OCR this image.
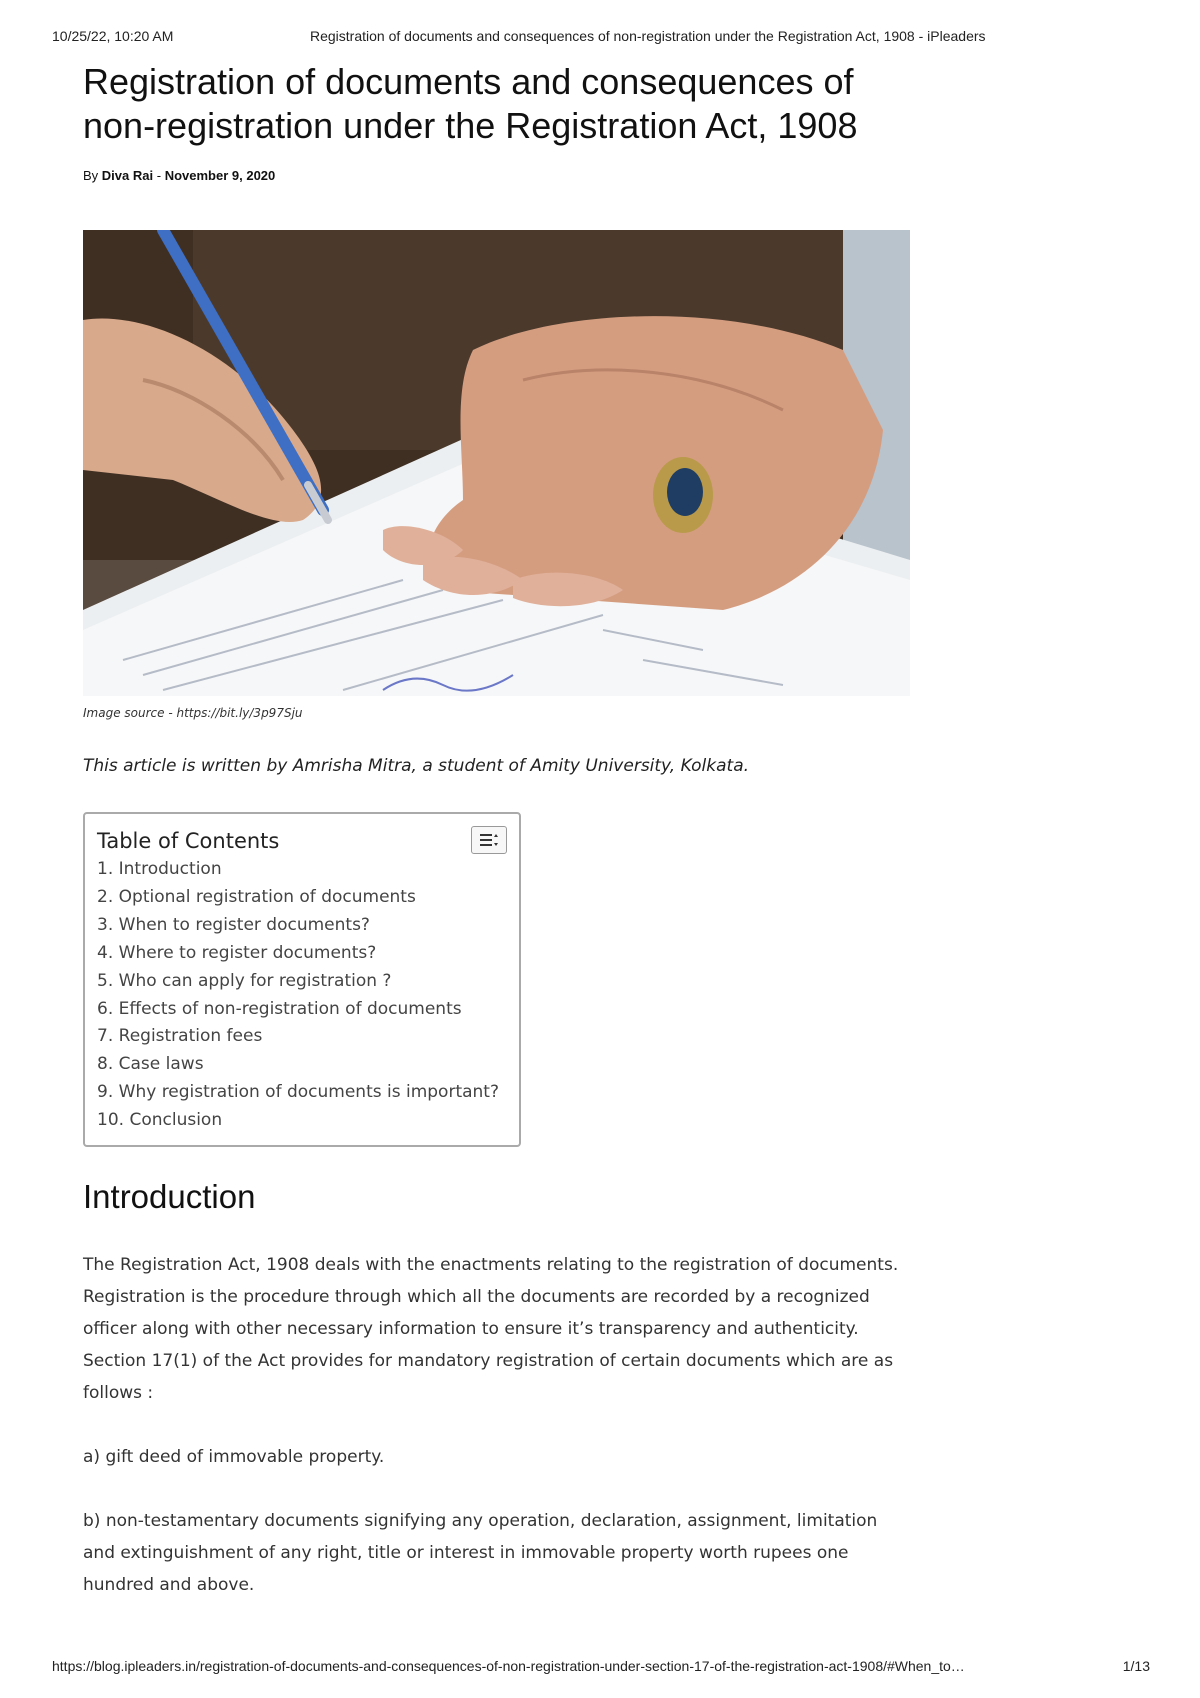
10/25/22, 10:20 AM	Registration of documents and consequences of non-registration under the Registration Act, 1908 - iPleaders
Registration of documents and consequences of non-registration under the Registration Act, 1908
By Diva Rai - November 9, 2020
Image source - https://bit.ly/3p97Sju
This article is written by Amrisha Mitra, a student of Amity University, Kolkata.
Table of Contents
1. Introduction
2. Optional registration of documents
3. When to register documents?
4. Where to register documents?
5. Who can apply for registration ?
6. Effects of non-registration of documents
7. Registration fees
8. Case laws
9. Why registration of documents is important?
10. Conclusion
Introduction

The Registration Act, 1908 deals with the enactments relating to the registration of documents. Registration is the procedure through which all the documents are recorded by a recognized officer along with other necessary information to ensure it’s transparency and authenticity. Section 17(1) of the Act provides for mandatory registration of certain documents which are as follows :

a) gift deed of immovable property.

b) non-testamentary documents signifying any operation, declaration, assignment, limitation and extinguishment of any right, title or interest in immovable property worth rupees one hundred and above.

https://blog.ipleaders.in/registration-of-documents-and-consequences-of-non-registration-under-section-17-of-the-registration-act-1908/#When_to…	1/13
